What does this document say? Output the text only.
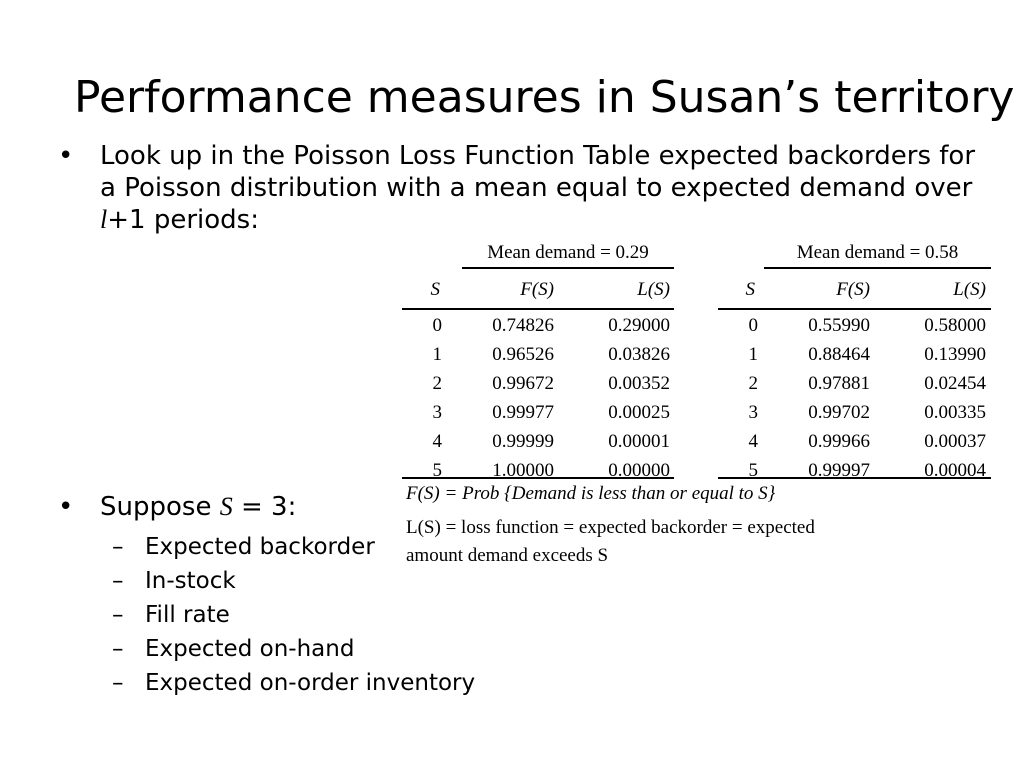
Performance measures in Susan’s territory
• Look up in the Poisson Loss Function Table expected backorders for a Poisson distribution with a mean equal to expected demand over l+1 periods:
Mean demand = 0.29
S	F(S)	L(S)
0	0.74826	0.29000
1	0.96526	0.03826
2	0.99672	0.00352
3	0.99977	0.00025
4	0.99999	0.00001
5	1.00000	0.00000
Mean demand = 0.58
S	F(S)	L(S)
0	0.55990	0.58000
1	0.88464	0.13990
2	0.97881	0.02454
3	0.99702	0.00335
4	0.99966	0.00037
5	0.99997	0.00004
F(S) = Prob {Demand is less than or equal to S}
L(S) = loss function = expected backorder = expected
amount demand exceeds S
• Suppose S = 3:
– Expected backorder
– In-stock
– Fill rate
– Expected on-hand
– Expected on-order inventory
